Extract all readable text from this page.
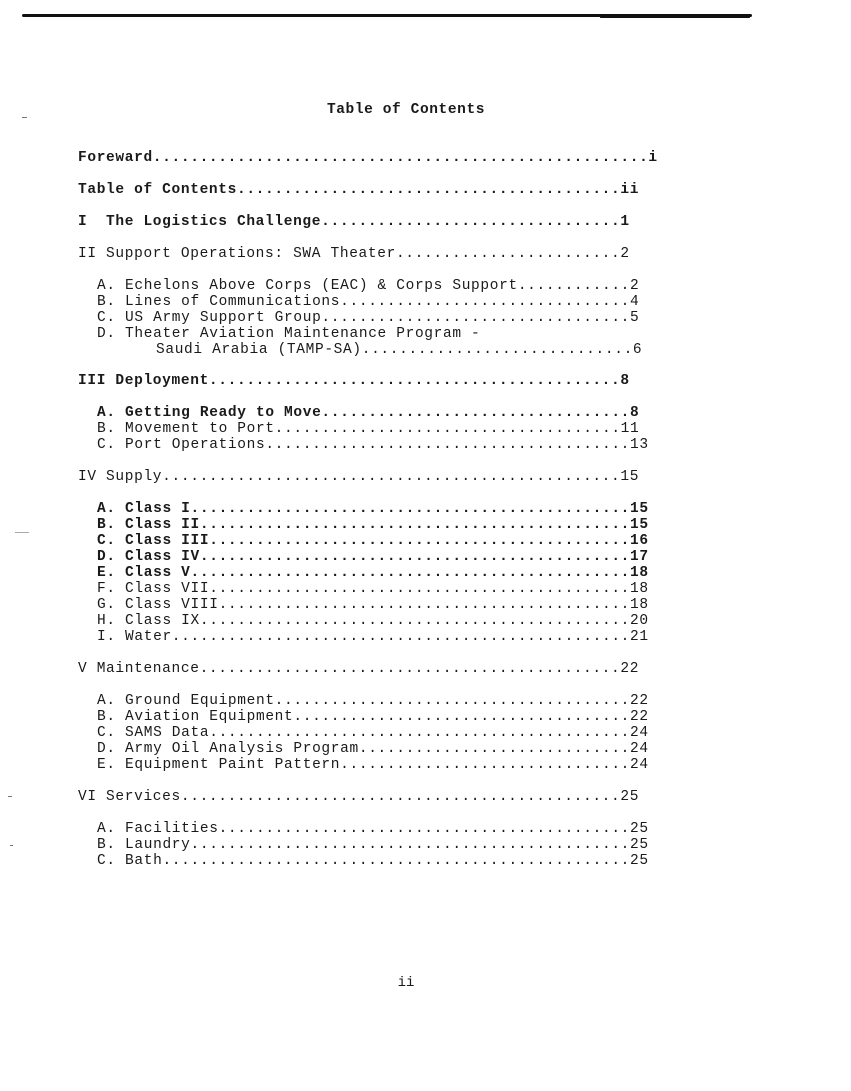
Table of Contents
Foreward.....................................................i
Table of Contents.........................................ii
I  The Logistics Challenge................................1
II Support Operations: SWA Theater........................2
A. Echelons Above Corps (EAC) & Corps Support............2
B. Lines of Communications...............................4
C. US Army Support Group.................................5
D. Theater Aviation Maintenance Program -
Saudi Arabia (TAMP-SA).............................6
III Deployment............................................8
A. Getting Ready to Move.................................8
B. Movement to Port.....................................11
C. Port Operations.......................................13
IV Supply.................................................15
A. Class I...............................................15
B. Class II..............................................15
C. Class III.............................................16
D. Class IV..............................................17
E. Class V...............................................18
F. Class VII.............................................18
G. Class VIII............................................18
H. Class IX..............................................20
I. Water.................................................21
V Maintenance.............................................22
A. Ground Equipment......................................22
B. Aviation Equipment....................................22
C. SAMS Data.............................................24
D. Army Oil Analysis Program.............................24
E. Equipment Paint Pattern...............................24
VI Services...............................................25
A. Facilities............................................25
B. Laundry...............................................25
C. Bath..................................................25
ii
